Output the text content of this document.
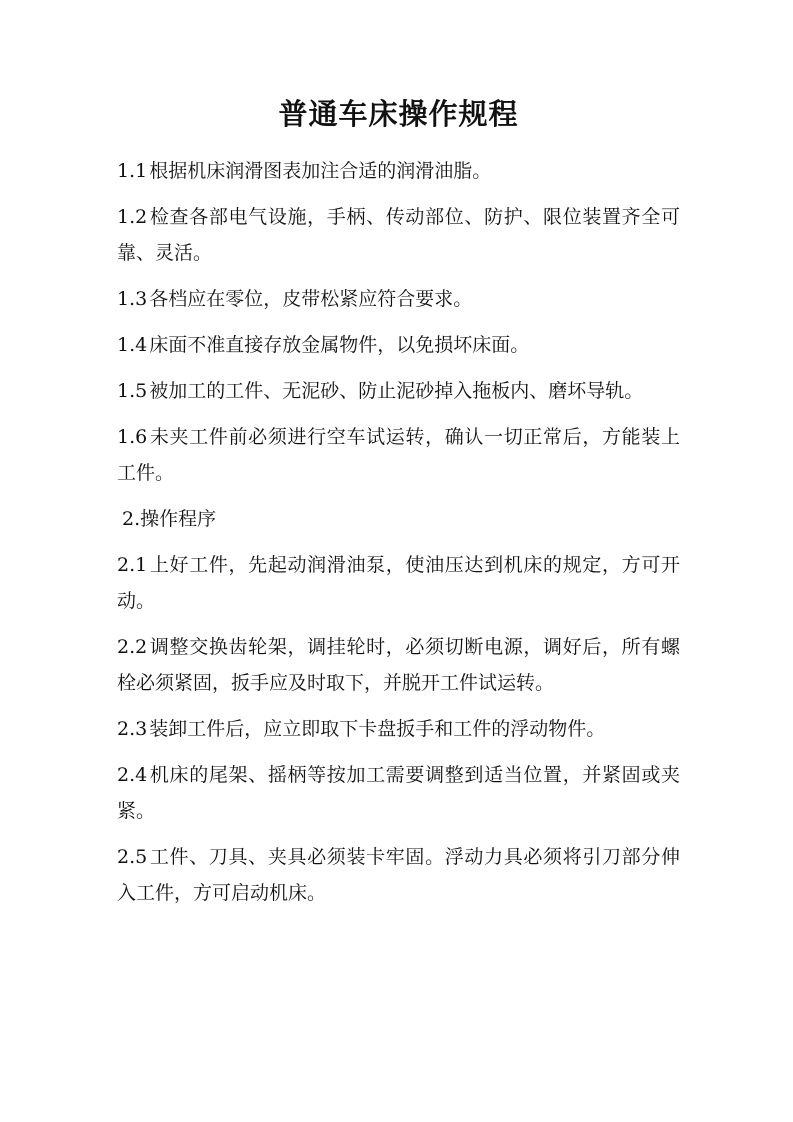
普通车床操作规程

1.1 根据机床润滑图表加注合适的润滑油脂。

1.2 检查各部电气设施，手柄、传动部位、防护、限位装置齐全可靠、灵活。

1.3 各档应在零位，皮带松紧应符合要求。

1.4 床面不准直接存放金属物件，以免损坏床面。

1.5 被加工的工件、无泥砂、防止泥砂掉入拖板内、磨坏导轨。

1.6 未夹工件前必须进行空车试运转，确认一切正常后，方能装上工件。

2.操作程序

2.1 上好工件，先起动润滑油泵，使油压达到机床的规定，方可开动。

2.2 调整交换齿轮架，调挂轮时，必须切断电源，调好后，所有螺栓必须紧固，扳手应及时取下，并脱开工件试运转。

2.3 装卸工件后，应立即取下卡盘扳手和工件的浮动物件。

2.4 机床的尾架、摇柄等按加工需要调整到适当位置，并紧固或夹紧。

2.5 工件、刀具、夹具必须装卡牢固。浮动力具必须将引刀部分伸入工件，方可启动机床。
